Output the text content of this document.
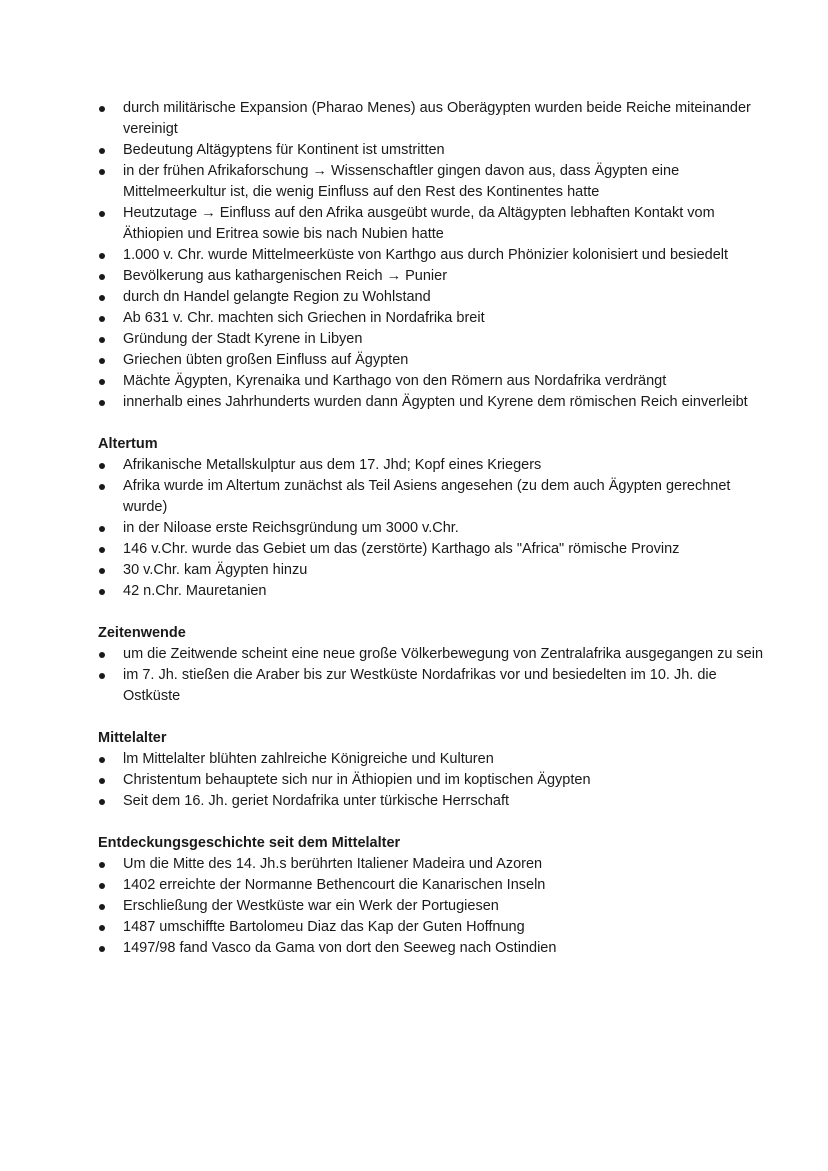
durch militärische Expansion (Pharao Menes) aus Oberägypten wurden beide Reiche miteinander vereinigt
Bedeutung Altägyptens für Kontinent ist umstritten
in der frühen Afrikaforschung → Wissenschaftler gingen davon aus, dass Ägypten eine Mittelmeerkultur ist, die wenig Einfluss auf den Rest des Kontinentes hatte
Heutzutage → Einfluss auf den Afrika ausgeübt wurde, da Altägypten lebhaften Kontakt vom Äthiopien und Eritrea sowie bis nach Nubien hatte
1.000 v. Chr. wurde Mittelmeerküste von Karthgo aus durch Phönizier kolonisiert und besiedelt
Bevölkerung aus kathargenischen Reich → Punier
durch dn Handel gelangte Region zu Wohlstand
Ab 631 v. Chr. machten sich Griechen in Nordafrika breit
Gründung der Stadt Kyrene in Libyen
Griechen übten großen Einfluss auf Ägypten
Mächte Ägypten, Kyrenaika und Karthago von den Römern aus Nordafrika verdrängt
innerhalb eines Jahrhunderts wurden dann Ägypten und Kyrene dem römischen Reich einverleibt
Altertum
Afrikanische Metallskulptur aus dem 17. Jhd; Kopf eines Kriegers
Afrika wurde im Altertum zunächst als Teil Asiens angesehen (zu dem auch Ägypten gerechnet wurde)
in der Niloase erste Reichsgründung um 3000 v.Chr.
146 v.Chr. wurde das Gebiet um das (zerstörte) Karthago als "Africa" römische Provinz
30 v.Chr. kam Ägypten hinzu
42 n.Chr. Mauretanien
Zeitenwende
um die Zeitwende scheint eine neue große Völkerbewegung von Zentralafrika ausgegangen zu sein
im 7. Jh. stießen die Araber bis zur Westküste Nordafrikas vor und besiedelten im 10. Jh. die Ostküste
Mittelalter
lm Mittelalter blühten zahlreiche Königreiche und Kulturen
Christentum behauptete sich nur in Äthiopien und im koptischen Ägypten
Seit dem 16. Jh. geriet Nordafrika unter türkische Herrschaft
Entdeckungsgeschichte seit dem Mittelalter
Um die Mitte des 14. Jh.s berührten Italiener Madeira und Azoren
1402 erreichte der Normanne Bethencourt die Kanarischen Inseln
Erschließung der Westküste war ein Werk der Portugiesen
1487 umschiffte Bartolomeu Diaz das Kap der Guten Hoffnung
1497/98 fand Vasco da Gama von dort den Seeweg nach Ostindien
